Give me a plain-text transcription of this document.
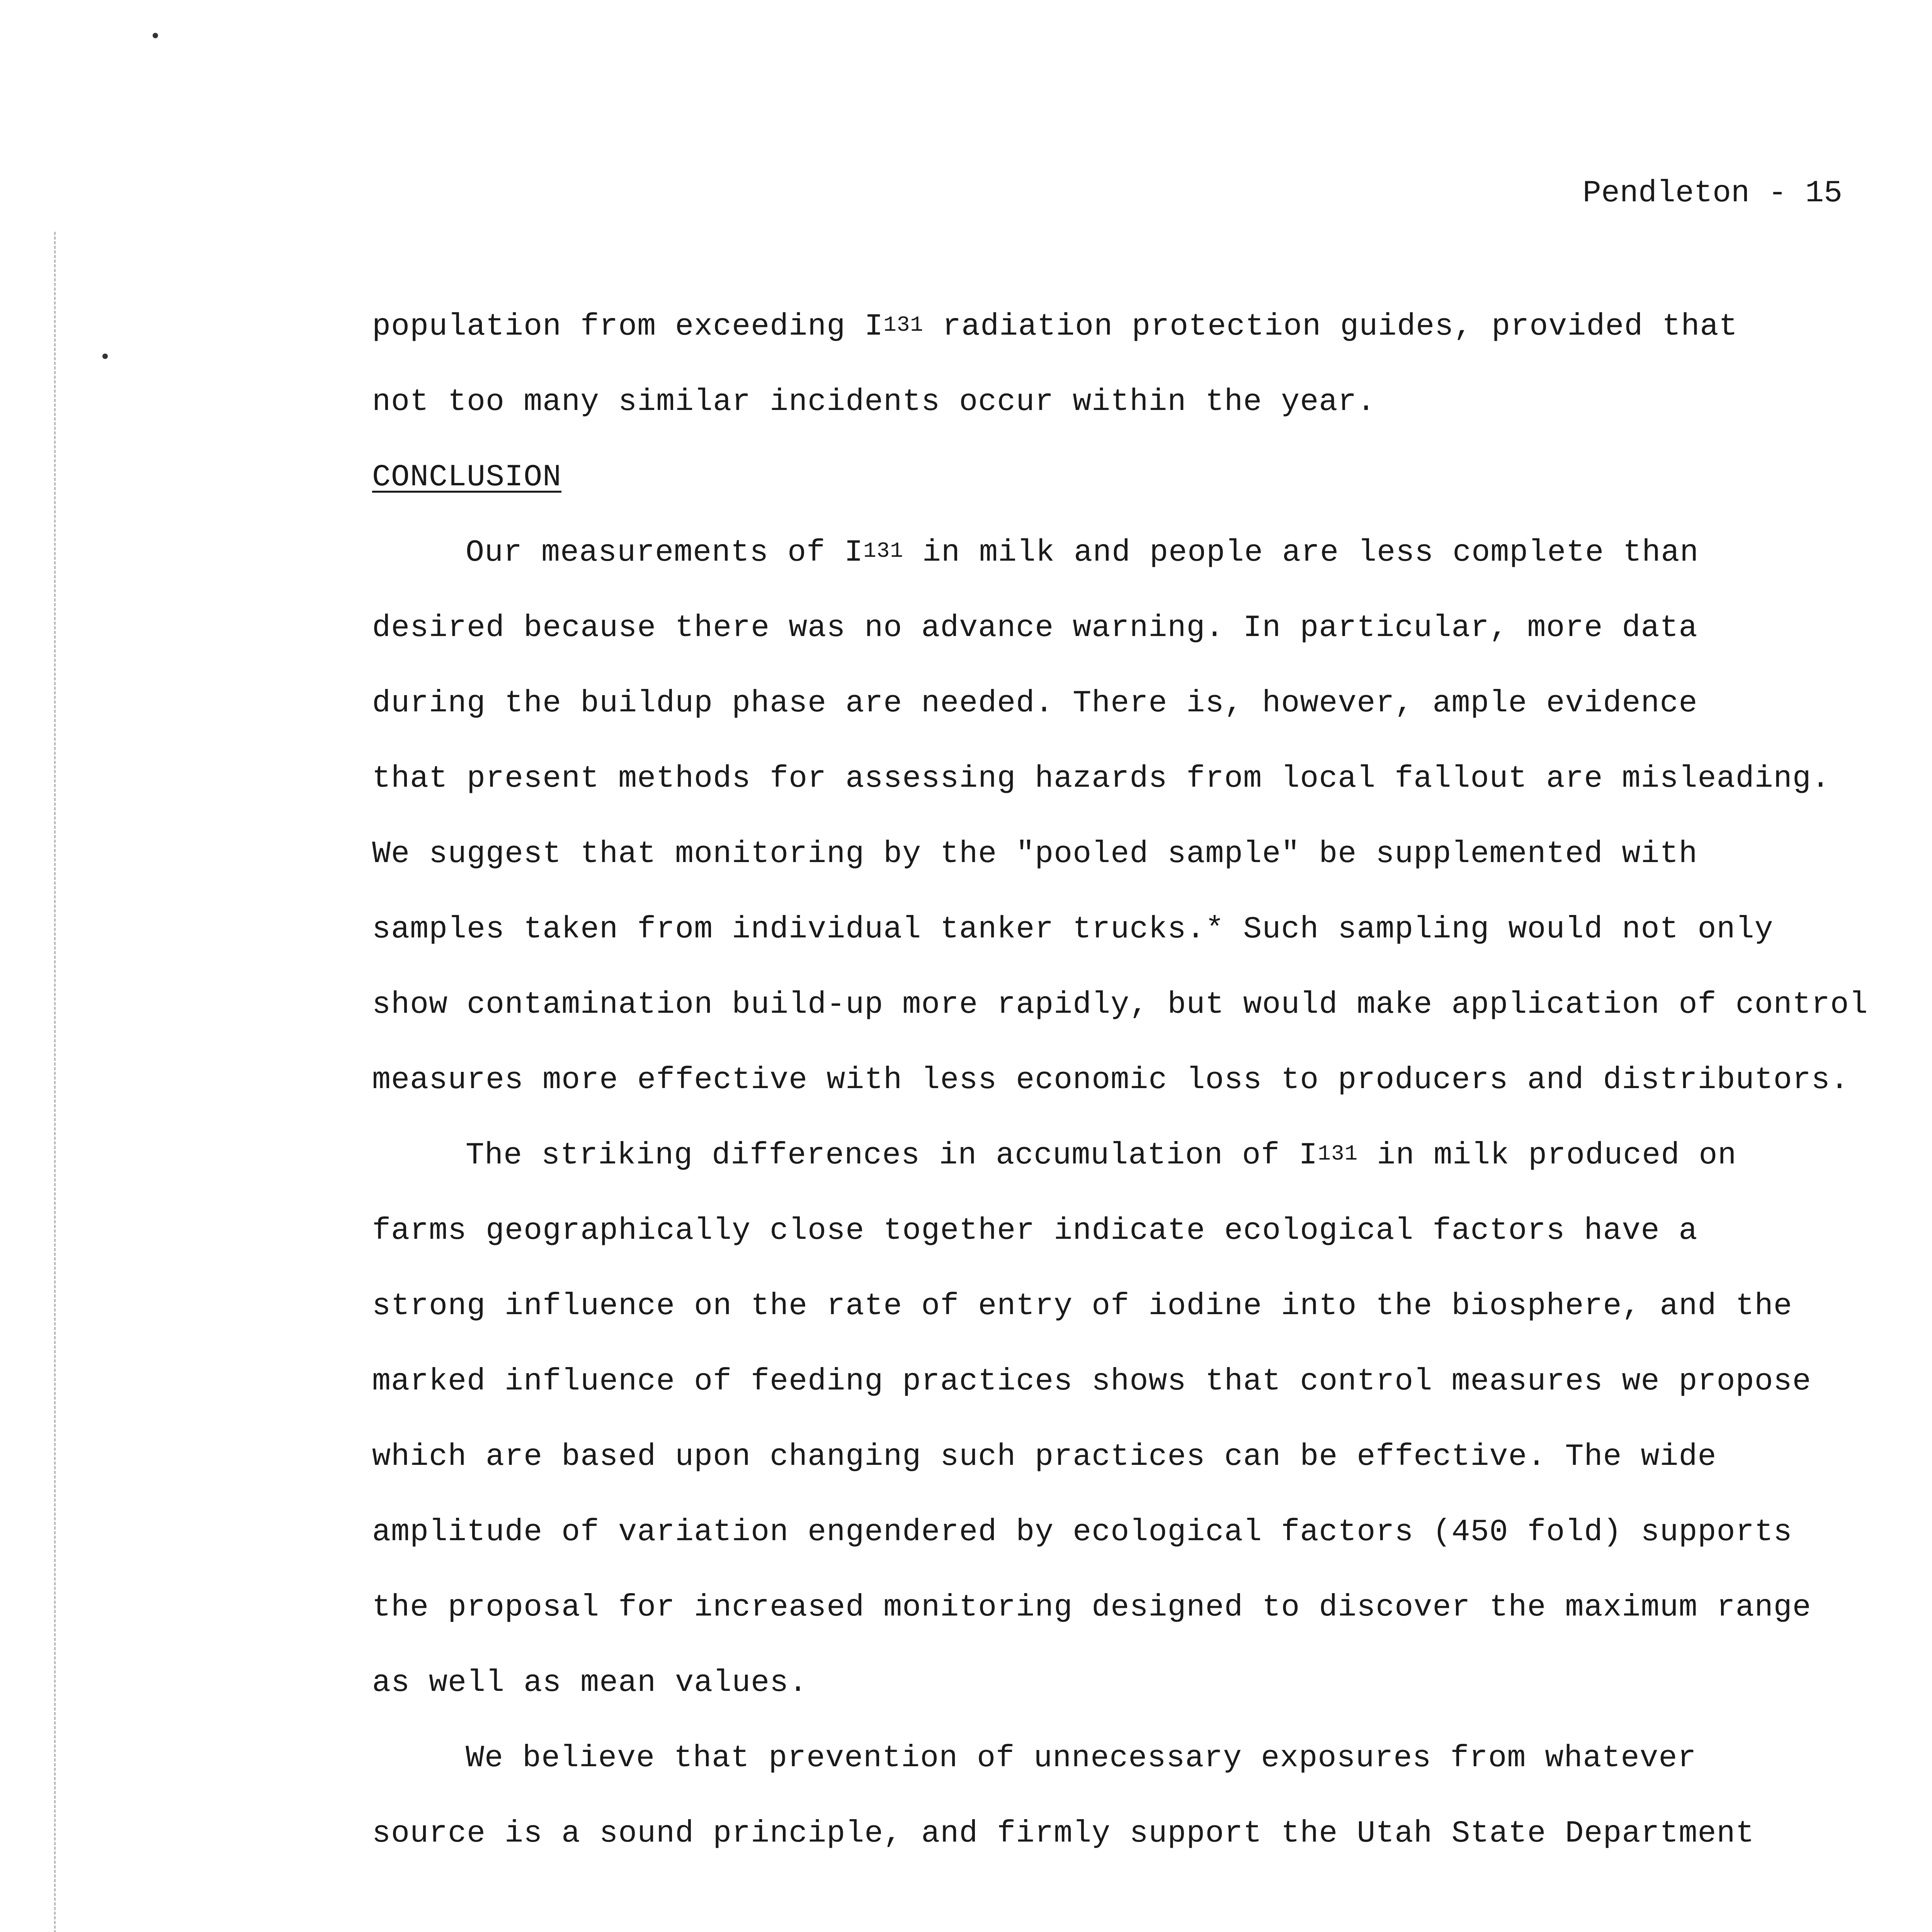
Pendleton - 15
population from exceeding $I^{131}$ radiation protection guides, provided that
not too many similar incidents occur within the year.
CONCLUSION
Our measurements of $I^{131}$ in milk and people are less complete than
desired because there was no advance warning. In particular, more data
during the buildup phase are needed. There is, however, ample evidence
that present methods for assessing hazards from local fallout are misleading.
We suggest that monitoring by the "pooled sample" be supplemented with
samples taken from individual tanker trucks.* Such sampling would not only
show contamination build-up more rapidly, but would make application of control
measures more effective with less economic loss to producers and distributors.
The striking differences in accumulation of $I^{131}$ in milk produced on
farms geographically close together indicate ecological factors have a
strong influence on the rate of entry of iodine into the biosphere, and the
marked influence of feeding practices shows that control measures we propose
which are based upon changing such practices can be effective. The wide
amplitude of variation engendered by ecological factors (450 fold) supports
the proposal for increased monitoring designed to discover the maximum range
as well as mean values.
We believe that prevention of unnecessary exposures from whatever
source is a sound principle, and firmly support the Utah State Department
